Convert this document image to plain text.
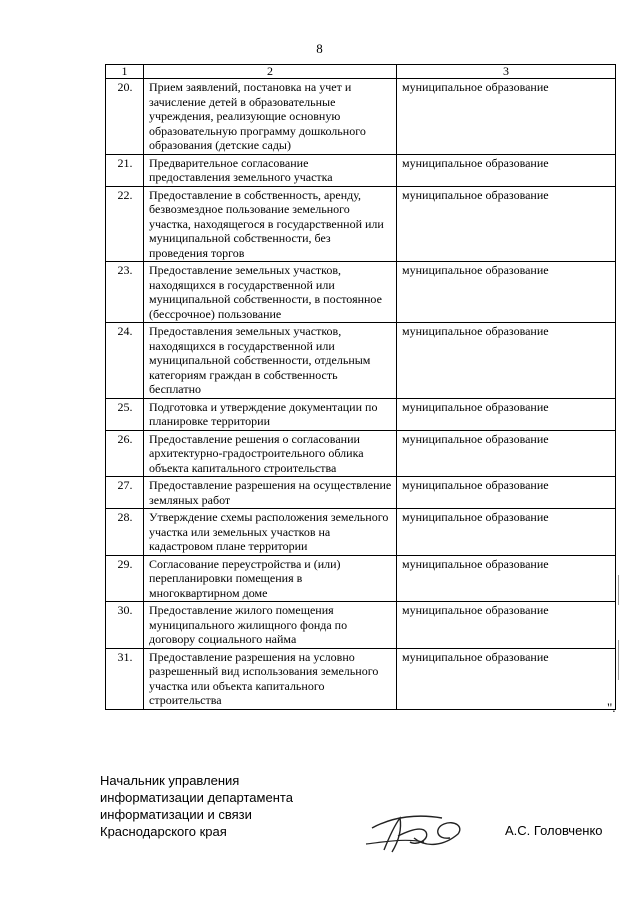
8
1	2	3
20.	Прием заявлений, постановка на учет и зачисление детей в образовательные учреждения, реализующие основную образовательную программу дошкольного образования (детские сады)	муниципальное образование
21.	Предварительное согласование предоставления земельного участка	муниципальное образование
22.	Предоставление в собственность, аренду, безвозмездное пользование земельного участка, находящегося в государственной или муниципальной собственности, без проведения торгов	муниципальное образование
23.	Предоставление земельных участков, находящихся в государственной или муниципальной собственности, в постоянное (бессрочное) пользование	муниципальное образование
24.	Предоставления земельных участков, находящихся в государственной или муниципальной собственности, отдельным категориям граждан в собственность бесплатно	муниципальное образование
25.	Подготовка и утверждение документации по планировке территории	муниципальное образование
26.	Предоставление решения о согласовании архитектурно-градостроительного облика объекта капитального строительства	муниципальное образование
27.	Предоставление разрешения на осуществление земляных работ	муниципальное образование
28.	Утверждение схемы расположения земельного участка или земельных участков на кадастровом плане территории	муниципальное образование
29.	Согласование переустройства и (или) перепланировки помещения в многоквартирном доме	муниципальное образование
30.	Предоставление жилого помещения муниципального жилищного фонда по договору социального найма	муниципальное образование
31.	Предоставление разрешения на условно разрешенный вид использования земельного участка или объекта капитального строительства	муниципальное образование
".
Начальник управления
информатизации департамента
информатизации и связи
Краснодарского края	А.С. Головченко
